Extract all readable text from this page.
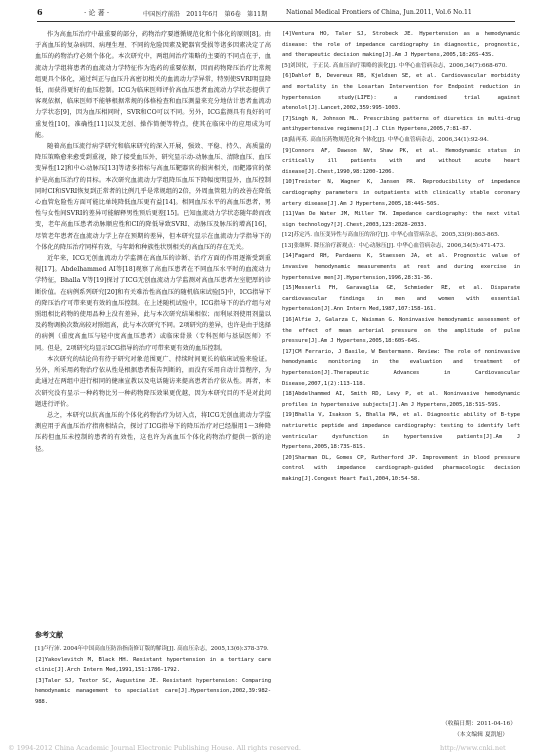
6	· 论 著 ·	中国医疗前沿　2011年6月　第6卷　第11期	National Medical Frontiers of China, Jun.2011, Vol.6 No.11

作为高血压治疗中最重要的部分，药物治疗要遵循规范化和个体化的原则[8]。由于高血压的复杂病因、病理生理、不同的危险因素及靶器官受损等诸多因素决定了高血压的药物治疗必须个体化。本次研究中，两组间治疗策略的主要的不同点在于，血流动力学组将患者的血流动力学特征作为选药的重要依据，因而药物降压治疗比常规组更具个体化，通过纠正与血压升高密切相关的血流动力学异常，特别使SVRI明显降低，而获得更好的血压控制。ICG为临床医师评价高血压患者血流动力学状态提供了客观依据，临床医师不能够根据常规的体格检查和血压测量来充分地估计患者血流动力学状态[9]，因为血压相同时，SVR和CO可以不同。另外，ICG监测具有良好的可重复性[10]，准确性[11]以及无创、操作简便等特点，使其在临床中的应用成为可能。

随着高血压流行病学研究和临床研究的深入开展，强效、平稳、持久、高质量的降压策略愈来愈受到重视，除了接受血压外，研究显示动-动脉血压、清除血压、血压变异性[12]和中心动脉压[13]等诸多指标与高血压靶器官的损害相关，而靶器官的保护是高血压治疗的目标。本次研究血流动力学组降压血压下降幅度明显外，血压控制同时CI和SVRI恢复到正常者的比例几乎是常规组的2倍，外周血管阻力的改善在降低心血管危险性方面可能比单纯降低血压更有益[14]。相同血压水平的高血压患者，男性与女性间SVRI的差异可能解释男性预后更差[15]。已知血流动力学状态随年龄而改变，老年高血压患者动脉顺应性和CI的降低导致SVRI、动脉压及脉压的增高[16]，尽管老年患者在血流动力学上存在预期的差异，但本研究显示在血流动力学指导下的个体化的降压治疗同样有效，与年龄和种族性状别相关的高血压的存在无关。

近年来，ICG无创血流动力学监测在高血压的诊断、治疗方面的作用逐渐受到重视[17]。Abdelhammed AI等[18]观察了高血压患者在不同血压水平时的血流动力学特征，Bhalla V等[19]探讨了ICG无创血流动力学监测对高血压患者左室肥厚的诊断价值。在病例系列研究[20]和有关难治性高血压的随机临床试验[5]中，ICG指导下的降压治疗可带来更有效的血压控制。在上述随机试验中，ICG指导下的治疗组与对照组相比药物的使用品种上没有差异，此与本次研究结果相似；而利尿剂使用剂量以及药物调换次数高较对照组高，此与本次研究不同。2项研究的差异，也许是由于选择的病例（重度高血压与轻中度高血压患者）或临床背景（专科医师与基层医师）不同。但是，2项研究均显示ICG指导的治疗可带来更有效的血压控制。

本次研究的结论尚有待于研究对象范围更广、持续时间更长的临床试验来验证。另外，所采用药物治疗依从性是根据患者报告判断的，而没有采用自动计算程序，为此通过在两组中进行相同的健康宣教以及电话随访来提高患者治疗依从性。再者，本次研究没有显示一种药物比另一种药物降压效果更优越，因为本研究目的不是对此问题进行评价。

总之，本研究以抗高血压的个体化药物治疗为切入点，将ICG无创血流动力学监测应用于高血压治疗指南相结合，探讨了ICG指导下的降压治疗对已经服用1～3种降压药但血压未控制的患者的有效性，这也许为高血压个体化药物治疗提供一新的途径。

参考文献

[1]卢行沛. 2004年中国高血压防治指南修订版的解读[J]. 高血压杂志，2005,13(6):378-379.

[2]Yakovlevitch M, Black HH. Resistant hypertension in a tertiary care clinic[J].Arch Intern Med,1991,151:1786-1792.

[3]Taler SJ, Textor SC, Augustine JE. Resistant hypertension: Comparing hemodynamic management to specialist care[J].Hypertension,2002,39:982-988.

[4]Ventura HO, Taler SJ, Strobeck JE. Hypertension as a hemodynamic disease: the role of impedance cardiography in diagnostic, prognostic, and therapeutic decision making[J].Am J Hypertens,2005,18:26S-43S.

[5]刘国仗，于正民. 高血压治疗策略的演化[J]. 中华心血管病杂志，2006,34(7):668-670.

[6]Dahlof B, Devereux RB, Kjeldsen SE, et al. Cardiovascular morbidity and mortality in the Losartan Intervention for Endpoint reduction in hypertension study(LIFE): a randomised trial against atenolol[J].Lancet,2002,359:995-1003.

[7]Singh N, Johnson ML. Prescribing patterns of diuretics in multi-drug antihypertensive regimens[J].J Clin Hypertens,2005,7:81-87.

[8]陆再英. 高血压药物规范化和个体化[J]. 中华心血管病杂志，2006,34(1):92-94.

[9]Connors AF, Dawson NV, Shaw PK, et al. Hemodynamic status in critically ill patients with and without acute heart disease[J].Chest,1990,98:1200-1206.

[10]Treister N, Wagner K, Jansen PR. Reproducibility of impedance cardiography parameters in outpatients with clinically stable coronary artery disease[J].Am J Hypertens,2005,18:44S-50S.

[11]Van De Water JM, Miller TW. Impedance cardiography: the next vital sign technology?[J].Chest,2003,123:2028-2033.

[12]苏定冯. 血压变异性与高血压的治疗[J]. 中华心血管病杂志，2005,33(9):863-865.

[13]张继辉. 降压治疗新观点：中心动脉压[J]. 中华心血管病杂志，2006,34(5):471-473.

[14]Fagard RH, Pardaens K, Staessen JA, et al. Prognostic value of invasive hemodynamic measurements at rest and during exercise in hypertensive men[J].Hypertension,1996,28:31-36.

[15]Messerli FH, Garavaglia GE, Schmieder RE, et al. Disparate cardiovascular findings in men and women with essential hypertension[J].Ann Intern Med,1987,107:158-161.

[16]Alfie J, Galarza C, Waisman G. Noninvasive hemodynamic assessment of the effect of mean arterial pressure on the amplitude of pulse pressure[J].Am J Hypertens,2005,18:60S-64S.

[17]CM Ferrario, J Basile, W Bestermann. Review: The role of noninvasive hemodynamic monitoring in the evaluation and treatment of hypertension[J].Therapeutic Advances in Cardiovascular Disease,2007,1(2):113-118.

[18]Abdelhammed AI, Smith RD, Levy P, et al. Noninvasive hemodynamic profiles in hypertensive subjects[J].Am J Hypertens,2005,18:51S-59S.

[19]Bhalla V, Isakson S, Bhalla MA, et al. Diagnostic ability of B-type natriuretic peptide and impedance cardiography: testing to identify left ventricular dysfunction in hypertensive patients[J].Am J Hypertens,2005,18:73S-81S.

[20]Sharman DL, Gomes CP, Rutherford JP. Improvement in blood pressure control with impedance cardiograph-guided pharmacologic decision making[J].Congest Heart Fail,2004,10:54-58.

（收稿日期：2011-04-16）
（本文编辑 夏凯旭）
© 1994-2012 China Academic Journal Electronic Publishing House. All rights reserved.	http://www.cnki.net
